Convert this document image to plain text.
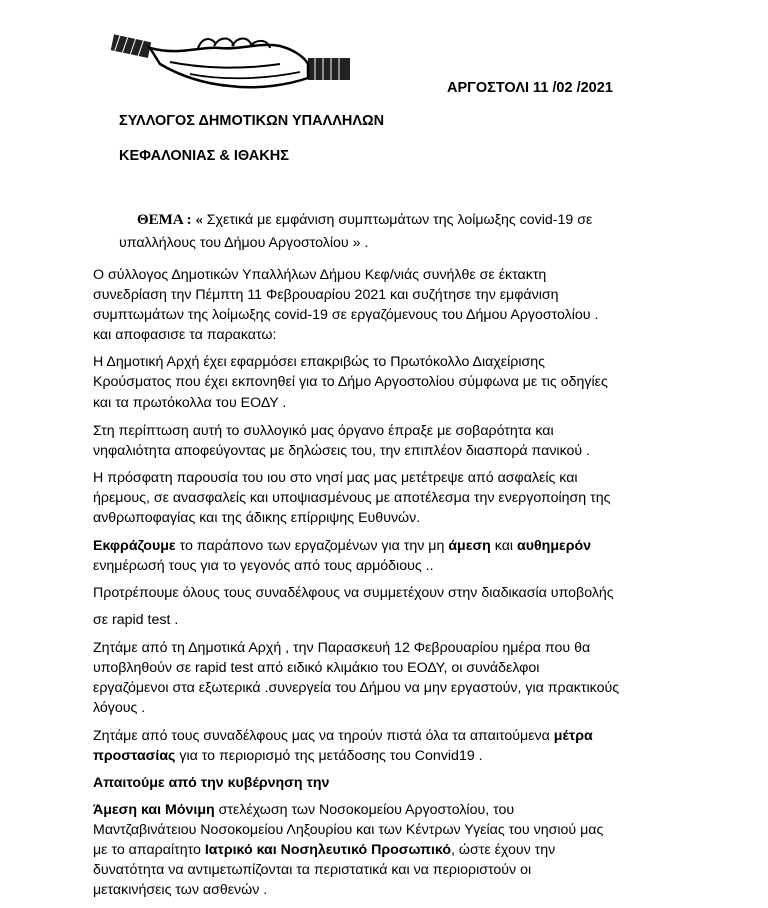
ΑΡΓΟΣΤΟΛΙ 11 /02 /2021
ΣΥΛΛΟΓΟΣ ΔΗΜΟΤΙΚΩΝ ΥΠΑΛΛΗΛΩΝ
ΚΕΦΑΛΟΝΙΑΣ & ΙΘΑΚΗΣ
ΘΕΜΑ : « Σχετικά με εμφάνιση συμπτωμάτων της λοίμωξης covid-19 σε
υπαλλήλους του Δήμου Αργοστολίου » .
Ο σύλλογος Δημοτικών Υπαλλήλων Δήμου Κεφ/νιάς συνήλθε σε έκτακτη
συνεδρίαση την Πέμπτη 11 Φεβρουαρίου 2021 και συζήτησε την εμφάνιση
συμπτωμάτων της λοίμωξης covid-19 σε εργαζόμενους του Δήμου Αργοστολίου .
και αποφασισε τα παρακατω:
Η Δημοτική Αρχή έχει εφαρμόσει επακριβώς το Πρωτόκολλο Διαχείρισης
Κρούσματος που έχει εκπονηθεί για το Δήμο Αργοστολίου σύμφωνα με τις οδηγίες
και τα πρωτόκολλα του ΕΟΔΥ .
Στη περίπτωση αυτή το συλλογικό μας όργανο έπραξε με σοβαρότητα και
νηφαλιότητα αποφεύγοντας με δηλώσεις του, την επιπλέον διασπορά πανικού .
Η πρόσφατη παρουσία του ιου στο νησί μας μας μετέτρεψε από ασφαλείς και
ήρεμους, σε ανασφαλείς και υποψιασμένους με αποτέλεσμα την ενεργοποίηση της
ανθρωποφαγίας και της άδικης επίρριψης Ευθυνών.
Εκφράζουμε το παράπονο των εργαζομένων για την μη άμεση και αυθημερόν
ενημέρωσή τους για το γεγονός από τους αρμόδιους ..
Προτρέπουμε όλους τους συναδέλφους να συμμετέχουν στην διαδικασία υποβολής
σε rapid test .
Ζητάμε από τη Δημοτικά Αρχή , την Παρασκευή 12 Φεβρουαρίου ημέρα που θα
υποβληθούν σε rapid test από ειδικό κλιμάκιο του ΕΟΔΥ, οι συνάδελφοι
εργαζόμενοι στα εξωτερικά .συνεργεία του Δήμου να μην εργαστούν, για πρακτικούς
λόγους .
Ζητάμε από τους συναδέλφους μας να τηρούν πιστά όλα τα απαιτούμενα μέτρα
προστασίας για το περιορισμό της μετάδοσης του Convid19 .
Απαιτούμε από την κυβέρνηση την
Άμεση και Μόνιμη στελέχωση των Νοσοκομείου Αργοστολίου, του
Μαντζαβινάτειου Νοσοκομείου Ληξουρίου και των Κέντρων Υγείας του νησιού μας
με το απαραίτητο Ιατρικό και Νοσηλευτικό Προσωπικό, ώστε έχουν την
δυνατότητα να αντιμετωπίζονται τα περιστατικά και να περιοριστούν οι
μετακινήσεις των ασθενών .
